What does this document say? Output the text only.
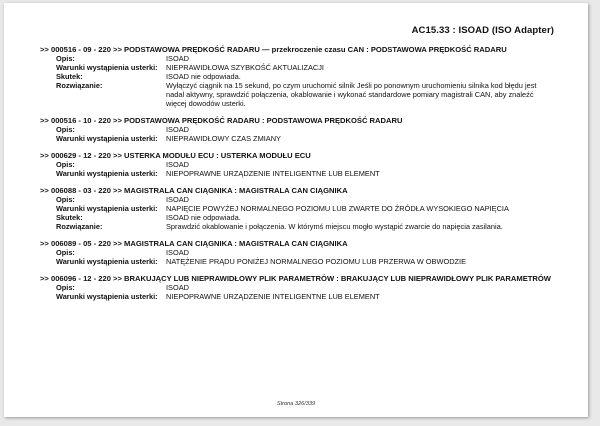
AC15.33 : ISOAD (ISO Adapter)
>> 000516 - 09 - 220 >> PODSTAWOWA PRĘDKOŚĆ RADARU — przekroczenie czasu CAN : PODSTAWOWA PRĘDKOŚĆ RADARU
Opis:	ISOAD
Warunki wystąpienia usterki:	NIEPRAWIDŁOWA SZYBKOŚĆ AKTUALIZACJI
Skutek:	ISOAD nie odpowiada.
Rozwiązanie:	Wyłączyć ciągnik na 15 sekund, po czym uruchomić silnik Jeśli po ponownym uruchomieniu silnika kod błędu jest nadal aktywny, sprawdzić połączenia, okablowanie i wykonać standardowe pomiary magistrali CAN, aby znaleźć więcej dowodów usterki.
>> 000516 - 10 - 220 >> PODSTAWOWA PRĘDKOŚĆ RADARU : PODSTAWOWA PRĘDKOŚĆ RADARU
Opis:	ISOAD
Warunki wystąpienia usterki:	NIEPRAWIDŁOWY CZAS ZMIANY
>> 000629 - 12 - 220 >> USTERKA MODUŁU ECU : USTERKA MODUŁU ECU
Opis:	ISOAD
Warunki wystąpienia usterki:	NIEPOPRAWNE URZĄDZENIE INTELIGENTNE LUB ELEMENT
>> 006088 - 03 - 220 >> MAGISTRALA CAN CIĄGNIKA : MAGISTRALA CAN CIĄGNIKA
Opis:	ISOAD
Warunki wystąpienia usterki:	NAPIĘCIE POWYŻEJ NORMALNEGO POZIOMU LUB ZWARTE DO ŹRÓDŁA WYSOKIEGO NAPIĘCIA
Skutek:	ISOAD nie odpowiada.
Rozwiązanie:	Sprawdzić okablowanie i połączenia. W którymś miejscu mogło wystąpić zwarcie do napięcia zasilania.
>> 006089 - 05 - 220 >> MAGISTRALA CAN CIĄGNIKA : MAGISTRALA CAN CIĄGNIKA
Opis:	ISOAD
Warunki wystąpienia usterki:	NATĘŻENIE PRĄDU PONIŻEJ NORMALNEGO POZIOMU LUB PRZERWA W OBWODZIE
>> 006096 - 12 - 220 >> BRAKUJĄCY LUB NIEPRAWIDŁOWY PLIK PARAMETRÓW : BRAKUJĄCY LUB NIEPRAWIDŁOWY PLIK PARAMETRÓW
Opis:	ISOAD
Warunki wystąpienia usterki:	NIEPOPRAWNE URZĄDZENIE INTELIGENTNE LUB ELEMENT
Strona 326/339
